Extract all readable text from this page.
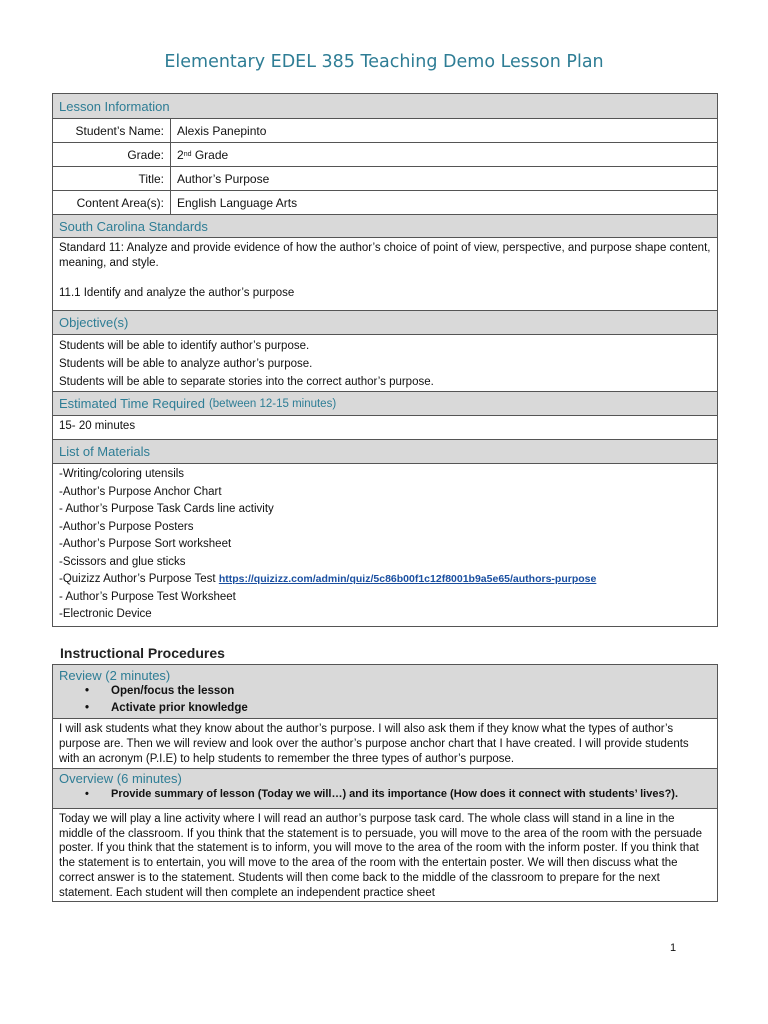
Elementary EDEL 385 Teaching Demo Lesson Plan
Lesson Information
Student’s Name:	Alexis Panepinto
Grade:	2 nd
Grade
Title:	Author’s Purpose
Content Area(s):	English Language Arts
South Carolina Standards

Standard 11: Analyze and provide evidence of how the author’s choice of point of view, perspective, and purpose shape content, meaning, and style.

11.1 Identify and analyze the author’s purpose

Objective(s)

Students will be able to identify author’s purpose.

Students will be able to analyze author’s purpose.

Students will be able to separate stories into the correct author’s purpose.

Estimated Time Required (between 12-15 minutes)

15- 20 minutes

List of Materials

-Writing/coloring utensils

-Author’s Purpose Anchor Chart

- Author’s Purpose Task Cards line activity

-Author’s Purpose Posters

-Author’s Purpose Sort worksheet

-Scissors and glue sticks

-Quizizz Author’s Purpose Test https://quizizz.com/admin/quiz/5c86b00f1c12f8001b9a5e65/authors-purpose

- Author’s Purpose Test Worksheet

-Electronic Device

Instructional Procedures
Review (2 minutes)
• Open/focus the lesson
• Activate prior knowledge

I will ask students what they know about the author’s purpose. I will also ask them if they know what the types of author’s purpose are. Then we will review and look over the author’s purpose anchor chart that I have created. I will provide students with an acronym (P.I.E) to help students to remember the three types of author’s purpose.

Overview (6 minutes)
• Provide summary of lesson (Today we will…) and its importance (How does it connect with students’ lives?).

Today we will play a line activity where I will read an author’s purpose task card. The whole class will stand in a line in the middle of the classroom. If you think that the statement is to persuade, you will move to the area of the room with the persuade poster. If you think that the statement is to inform, you will move to the area of the room with the inform poster. If you think that the statement is to entertain, you will move to the area of the room with the entertain poster. We will then discuss what the correct answer is to the statement. Students will then come back to the middle of the classroom to prepare for the next statement. Each student will then complete an independent practice sheet

1
